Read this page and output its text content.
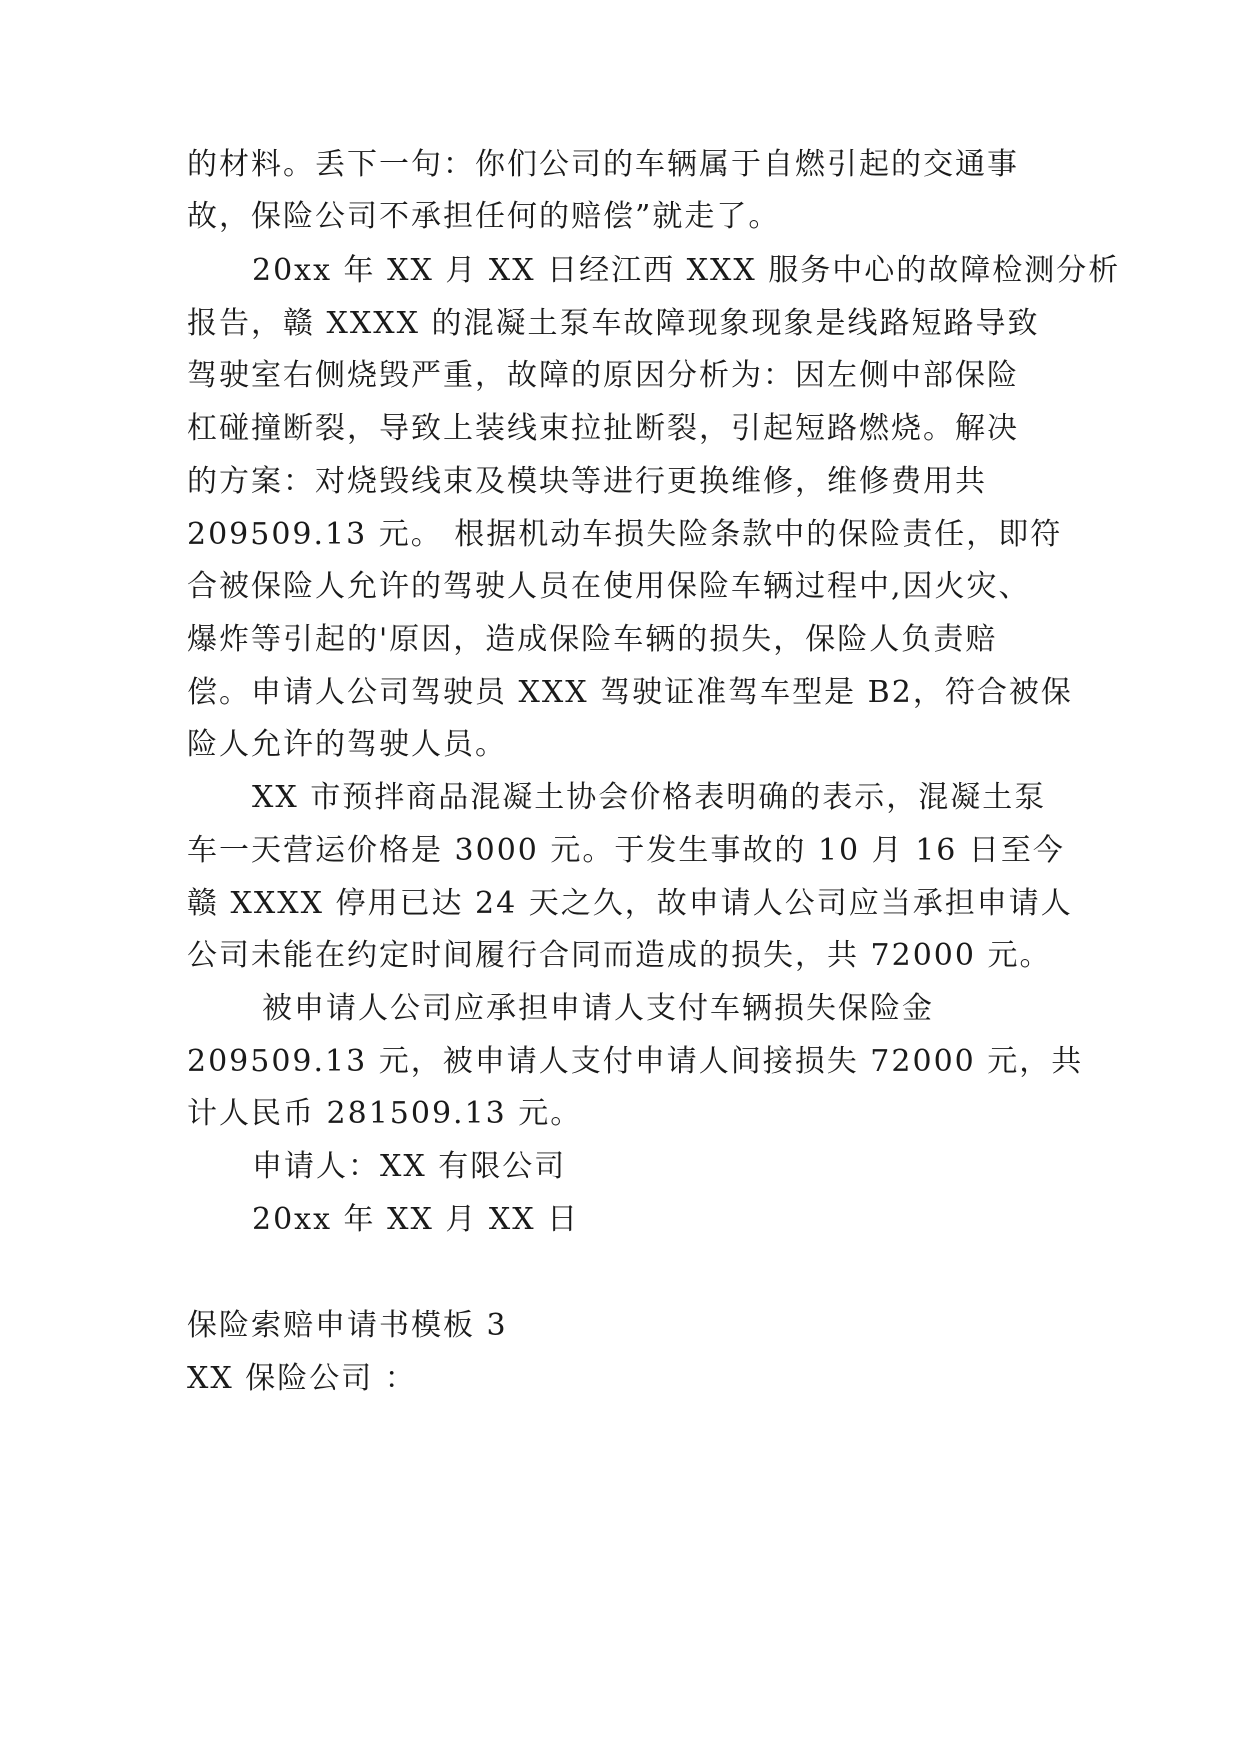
的材料。丢下一句：你们公司的车辆属于自燃引起的交通事
故，保险公司不承担任何的赔偿”就走了。
20xx 年 XX 月 XX 日经江西 XXX 服务中心的故障检测分析
报告，赣 XXXX 的混凝土泵车故障现象现象是线路短路导致
驾驶室右侧烧毁严重，故障的原因分析为：因左侧中部保险
杠碰撞断裂，导致上装线束拉扯断裂，引起短路燃烧。解决
的方案：对烧毁线束及模块等进行更换维修，维修费用共
209509.13 元。 根据机动车损失险条款中的保险责任，即符
合被保险人允许的驾驶人员在使用保险车辆过程中,因火灾、
爆炸等引起的'原因，造成保险车辆的损失，保险人负责赔
偿。申请人公司驾驶员 XXX 驾驶证准驾车型是 B2，符合被保
险人允许的驾驶人员。
XX 市预拌商品混凝土协会价格表明确的表示，混凝土泵
车一天营运价格是 3000 元。于发生事故的 10 月 16 日至今
赣 XXXX 停用已达 24 天之久，故申请人公司应当承担申请人
公司未能在约定时间履行合同而造成的损失，共 72000 元。
被申请人公司应承担申请人支付车辆损失保险金
209509.13 元，被申请人支付申请人间接损失 72000 元，共
计人民币 281509.13 元。
申请人：XX 有限公司
20xx 年 XX 月 XX 日
保险索赔申请书模板 3
XX 保险公司 ：
